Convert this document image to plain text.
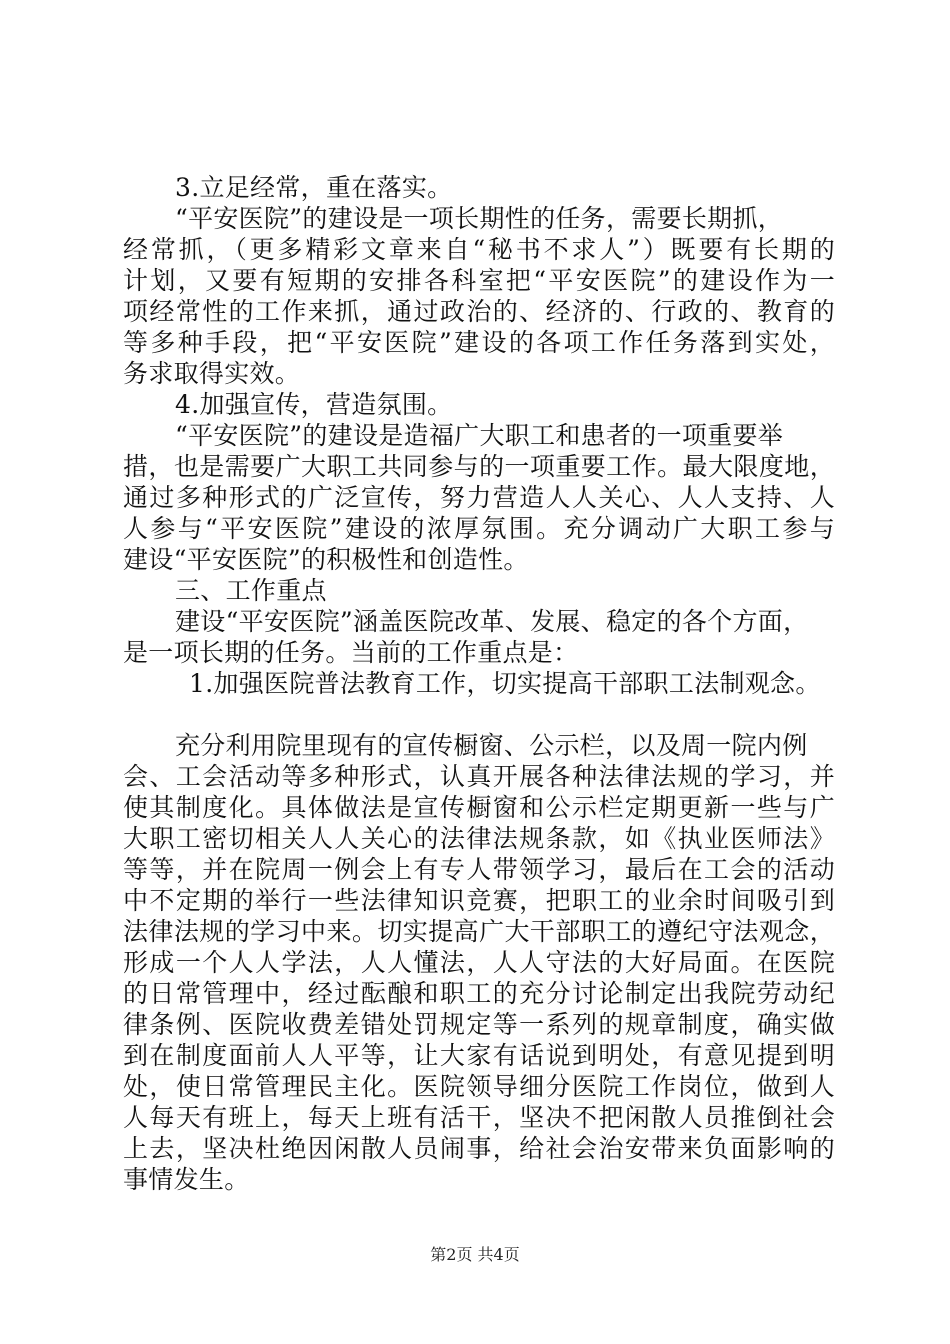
3.立足经常，重在落实。
“平安医院”的建设是一项长期性的任务，需要长期抓，
经常抓，（更多精彩文章来自“秘书不求人”）既要有长期的
计划，又要有短期的安排各科室把“平安医院”的建设作为一
项经常性的工作来抓，通过政治的、经济的、行政的、教育的
等多种手段，把“平安医院”建设的各项工作任务落到实处，
务求取得实效。
4.加强宣传，营造氛围。
“平安医院”的建设是造福广大职工和患者的一项重要举
措，也是需要广大职工共同参与的一项重要工作。最大限度地，
通过多种形式的广泛宣传，努力营造人人关心、人人支持、人
人参与“平安医院”建设的浓厚氛围。充分调动广大职工参与
建设“平安医院”的积极性和创造性。
三、工作重点
建设“平安医院”涵盖医院改革、发展、稳定的各个方面，
是一项长期的任务。当前的工作重点是：
1.加强医院普法教育工作，切实提高干部职工法制观念。
充分利用院里现有的宣传橱窗、公示栏，以及周一院内例
会、工会活动等多种形式，认真开展各种法律法规的学习，并
使其制度化。具体做法是宣传橱窗和公示栏定期更新一些与广
大职工密切相关人人关心的法律法规条款，如《执业医师法》
等等，并在院周一例会上有专人带领学习，最后在工会的活动
中不定期的举行一些法律知识竞赛，把职工的业余时间吸引到
法律法规的学习中来。切实提高广大干部职工的遵纪守法观念，
形成一个人人学法，人人懂法，人人守法的大好局面。在医院
的日常管理中，经过酝酿和职工的充分讨论制定出我院劳动纪
律条例、医院收费差错处罚规定等一系列的规章制度，确实做
到在制度面前人人平等，让大家有话说到明处，有意见提到明
处，使日常管理民主化。医院领导细分医院工作岗位，做到人
人每天有班上，每天上班有活干，坚决不把闲散人员推倒社会
上去，坚决杜绝因闲散人员闹事，给社会治安带来负面影响的
事情发生。
第2页 共4页
